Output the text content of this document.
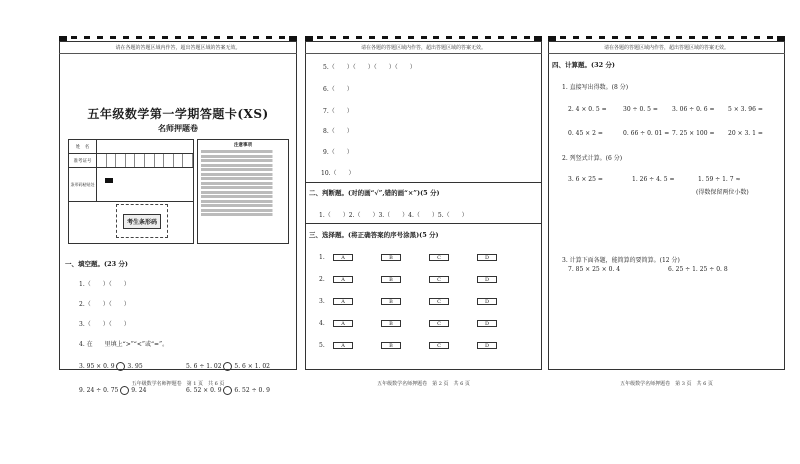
请在各题的答题区域内作答，超出答题区域的答案无效。
五年级数学第一学期答题卡(XS)
名师押题卷
姓　名
准考证号
条形码粘贴处
注意事项
考生条形码
一、填空题。(23 分)
1.（　　）（　　）
2.（　　）（　　）
3.（　　）（　　）
4. 在　　里填上“>”“<”或“=”。
3. 95 × 0. 9 3. 95	5. 6 ÷ 1. 02 5. 6 × 1. 02
9. 24 ÷ 0. 75 9. 24	6. 52 × 0. 9 6. 52 ÷ 0. 9
五年级数学名师押题卷　第 1 页　共 6 页
请在各题的答题区域内作答，超出答题区域的答案无效。
5.（　　）（　　）（　　）（　　）
6.（　　）
7.（　　）
8.（　　）
9.（　　）
10.（　　）
二、判断题。(对的画“√”,错的画“×”)(5 分)
1.（　　）2.（　　）3.（　　）4.（　　）5.（　　）
三、选择题。(将正确答案的序号涂黑)(5 分)
1.	A	B	C	D
2.	A	B	C	D
3.	A	B	C	D
4.	A	B	C	D
5.	A	B	C	D
五年级数学名师押题卷　第 2 页　共 6 页
请在各题的答题区域内作答，超出答题区域的答案无效。
四、计算题。(32 分)
1. 直接写出得数。(8 分)
2. 4 × 0. 5 =	30 ÷ 0. 5 = 3. 06 ÷ 0. 6 = 5 × 3. 96 =
0. 45 × 2 =	0. 66 ÷ 0. 01 = 7. 25 × 100 = 20 × 3. 1 =
2. 列竖式计算。(6 分)
3. 6 × 25 =	1. 26 ÷ 4. 5 =	1. 59 ÷ 1. 7 ≈
(得数保留两位小数)
3. 计算下面各题，能简算的要简算。(12 分)
7. 85 × 25 × 0. 4	6. 25 ÷ 1. 25 ÷ 0. 8
五年级数学名师押题卷　第 3 页　共 6 页
